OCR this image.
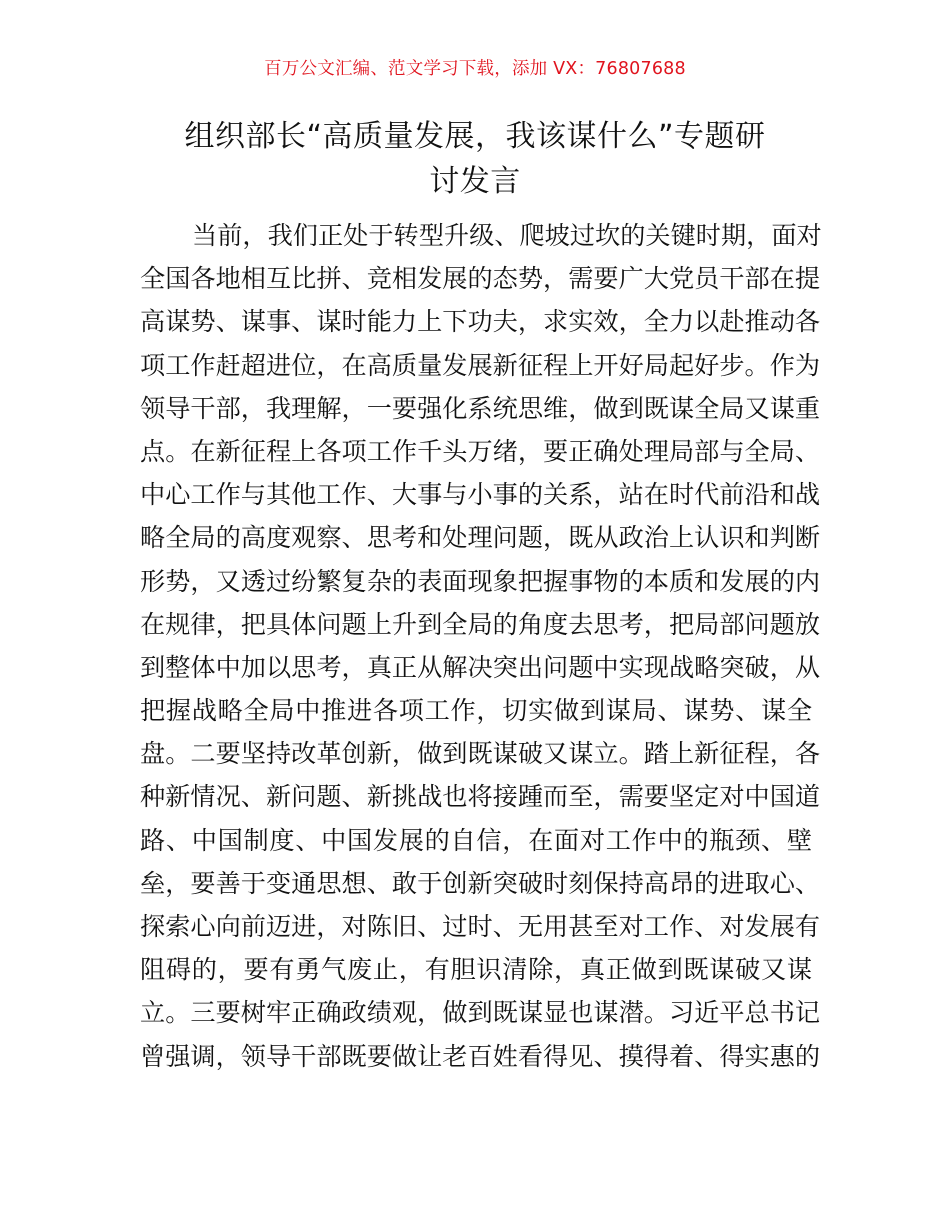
百万公文汇编、范文学习下载，添加 VX：76807688
组织部长“高质量发展，我该谋什么”专题研
讨发言
当前，我们正处于转型升级、爬坡过坎的关键时期，面对
全国各地相互比拼、竞相发展的态势，需要广大党员干部在提
高谋势、谋事、谋时能力上下功夫，求实效，全力以赴推动各
项工作赶超进位，在高质量发展新征程上开好局起好步。作为
领导干部，我理解，一要强化系统思维，做到既谋全局又谋重
点。在新征程上各项工作千头万绪，要正确处理局部与全局、
中心工作与其他工作、大事与小事的关系，站在时代前沿和战
略全局的高度观察、思考和处理问题，既从政治上认识和判断
形势，又透过纷繁复杂的表面现象把握事物的本质和发展的内
在规律，把具体问题上升到全局的角度去思考，把局部问题放
到整体中加以思考，真正从解决突出问题中实现战略突破，从
把握战略全局中推进各项工作，切实做到谋局、谋势、谋全
盘。二要坚持改革创新，做到既谋破又谋立。踏上新征程，各
种新情况、新问题、新挑战也将接踵而至，需要坚定对中国道
路、中国制度、中国发展的自信，在面对工作中的瓶颈、壁
垒，要善于变通思想、敢于创新突破时刻保持高昂的进取心、
探索心向前迈进，对陈旧、过时、无用甚至对工作、对发展有
阻碍的，要有勇气废止，有胆识清除，真正做到既谋破又谋
立。三要树牢正确政绩观，做到既谋显也谋潜。习近平总书记
曾强调，领导干部既要做让老百姓看得见、摸得着、得实惠的
